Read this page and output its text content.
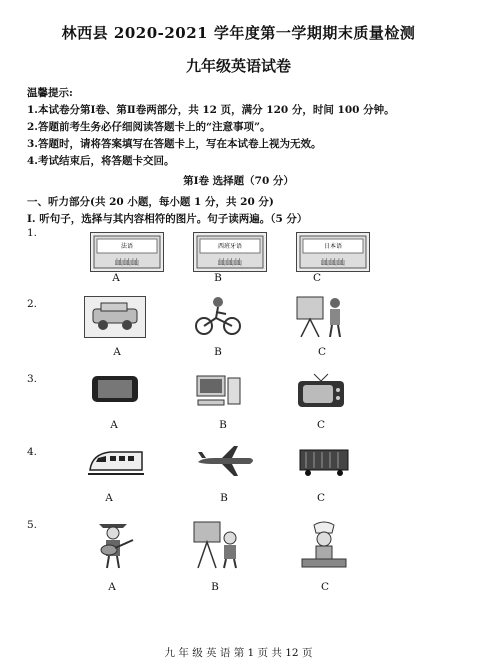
林西县 2020-2021 学年度第一学期期末质量检测
九年级英语试卷
温馨提示:
1.本试卷分第Ⅰ卷、第Ⅱ卷两部分，共 12 页，满分 120 分，时间 100 分钟。
2.答题前考生务必仔细阅读答题卡上的“注意事项”。
3.答题时，请将答案填写在答题卡上，写在本试卷上视为无效。
4.考试结束后，将答题卡交回。
第Ⅰ卷 选择题（70 分）
一、听力部分(共 20 小题，每小题 1 分，共 20 分)
Ⅰ. 听句子，选择与其内容相符的图片。句子读两遍。（5 分）
1.
法语
屾屾屾
西班牙语
屾屾屾
日本语
屾屾屾
A	B	C
2.
A	B	C
3.
A	B	C
4.
A	B	C
5.
A	B	C
九 年 级 英 语 第 1 页 共 12 页
